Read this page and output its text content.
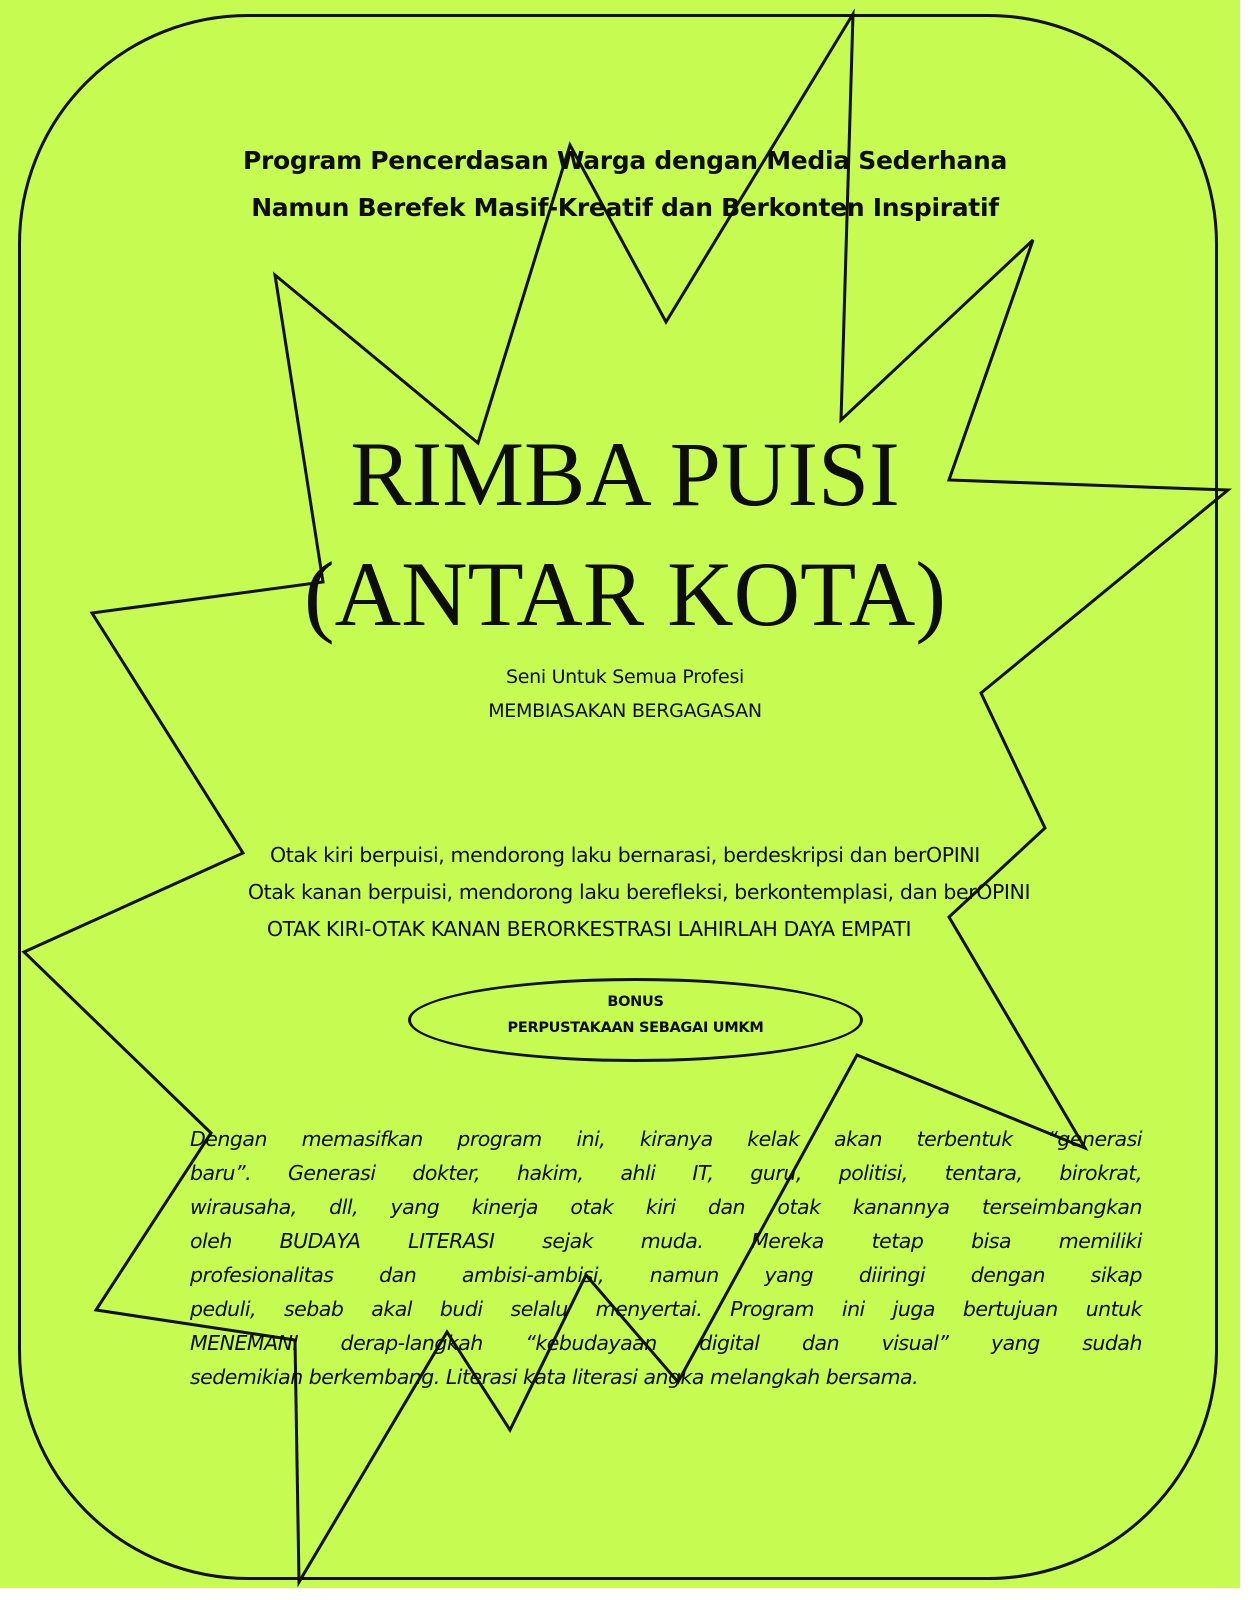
Program Pencerdasan Warga dengan Media Sederhana
Namun Berefek Masif-Kreatif dan Berkonten Inspiratif
RIMBA PUISI
(ANTAR KOTA)
Seni Untuk Semua Profesi
MEMBIASAKAN BERGAGASAN
Otak kiri berpuisi, mendorong laku bernarasi, berdeskripsi dan berOPINI
Otak kanan berpuisi, mendorong laku berefleksi, berkontemplasi, dan berOPINI
OTAK KIRI-OTAK KANAN BERORKESTRASI LAHIRLAH DAYA EMPATI
BONUS
PERPUSTAKAAN SEBAGAI UMKM
Dengan memasifkan program ini, kiranya kelak akan terbentuk “generasi
baru”. Generasi dokter, hakim, ahli IT, guru, politisi, tentara, birokrat,
wirausaha, dll, yang kinerja otak kiri dan otak kanannya terseimbangkan
oleh BUDAYA LITERASI sejak muda. Mereka tetap bisa memiliki
profesionalitas dan ambisi-ambisi, namun yang diiringi dengan sikap
peduli, sebab akal budi selalu menyertai. Program ini juga bertujuan untuk
MENEMANI derap-langkah “kebudayaan digital dan visual” yang sudah
sedemikian berkembang. Literasi kata literasi angka melangkah bersama.
